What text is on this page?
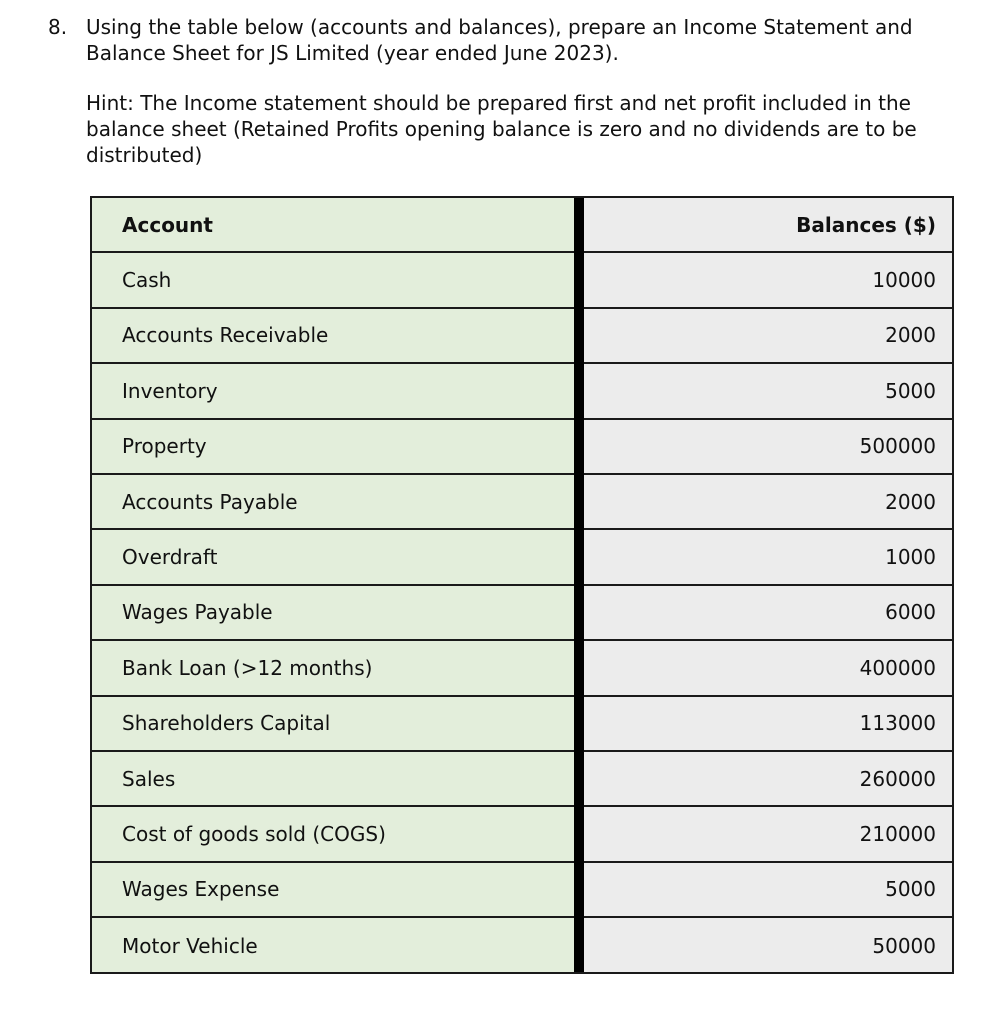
8. Using the table below (accounts and balances), prepare an Income Statement and Balance Sheet for JS Limited (year ended June 2023).
Hint: The Income statement should be prepared first and net profit included in the balance sheet (Retained Profits opening balance is zero and no dividends are to be distributed)
Account
Cash
Accounts Receivable
Inventory
Property
Accounts Payable
Overdraft
Wages Payable
Bank Loan (>12 months)
Shareholders Capital
Sales
Cost of goods sold (COGS)
Wages Expense
Motor Vehicle
Balances ($)
10000
2000
5000
500000
2000
1000
6000
400000
113000
260000
210000
5000
50000
